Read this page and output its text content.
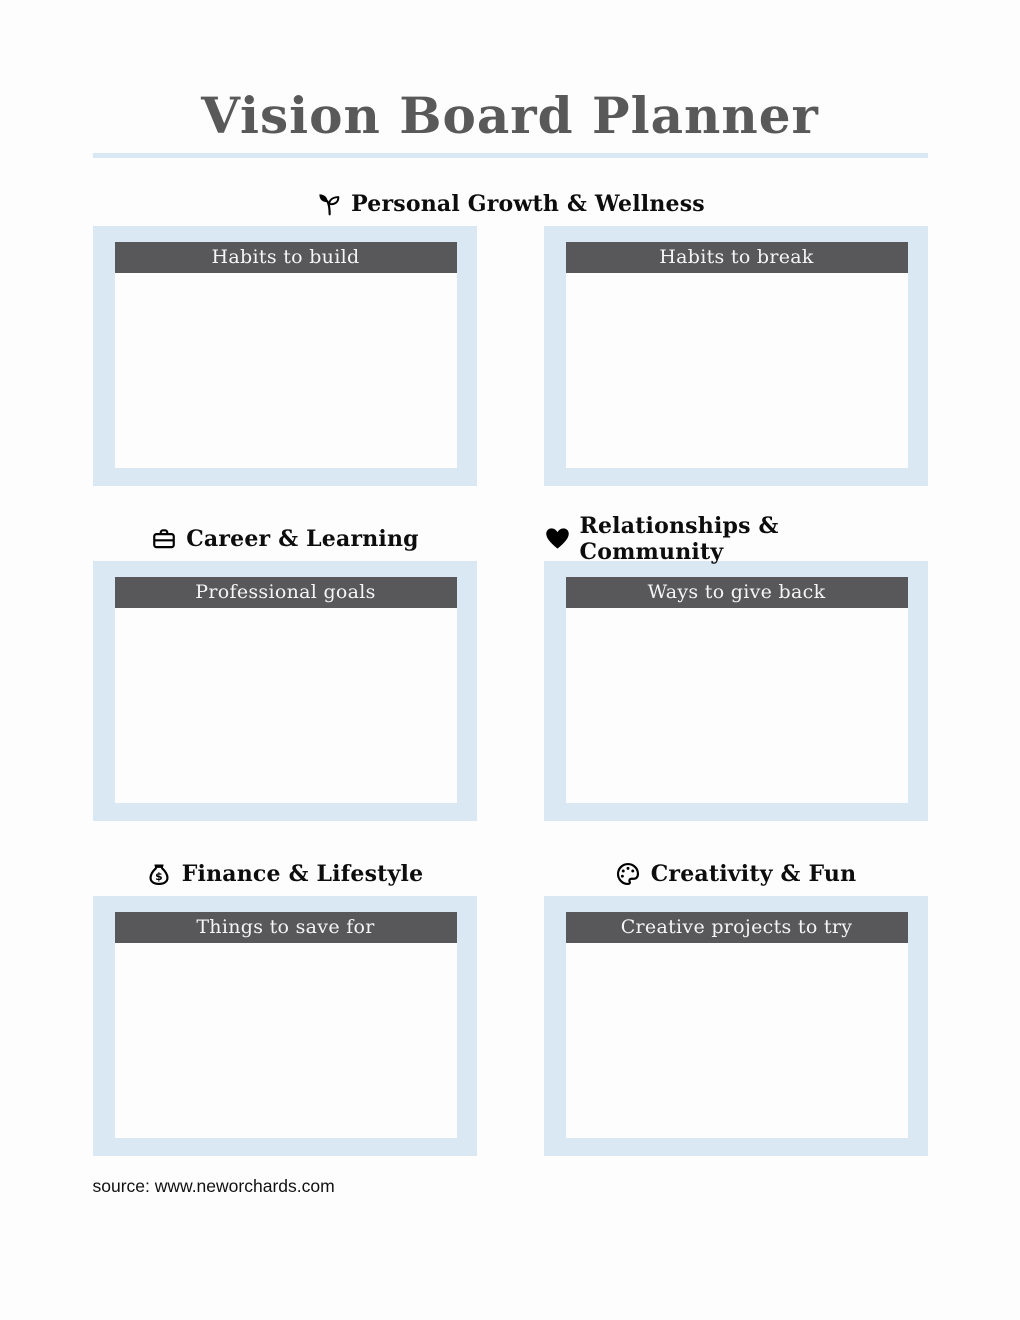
Vision Board Planner
Personal Growth & Wellness
Habits to build	Habits to break
Career & Learning
Professional goals
Relationships & Community
Ways to give back
$ Finance & Lifestyle
Things to save for
Creativity & Fun
Creative projects to try
source: www.neworchards.com
